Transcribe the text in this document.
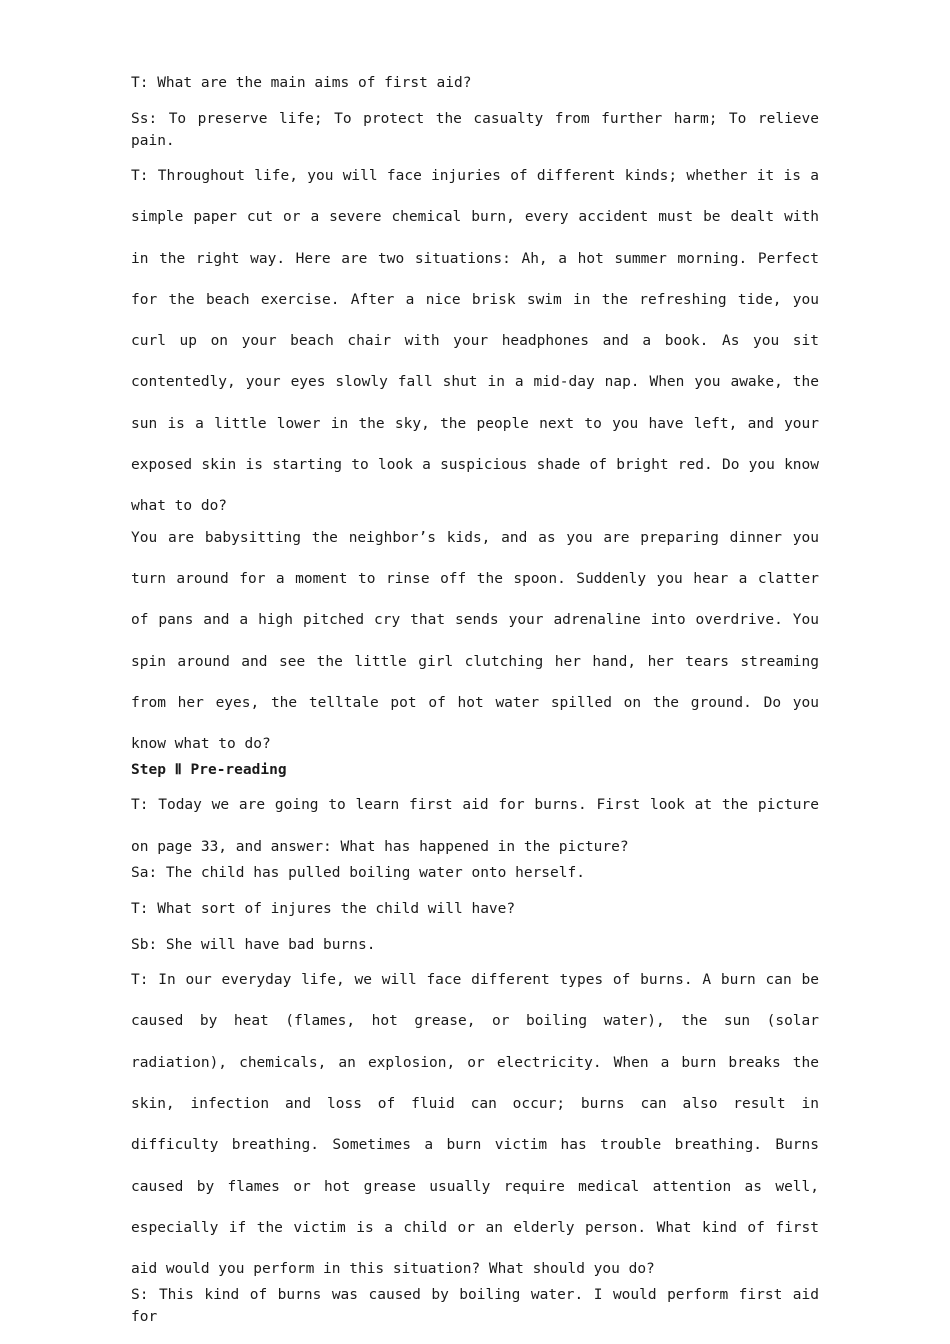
T: What are the main aims of first aid?

Ss: To preserve life; To protect the casualty from further harm; To relieve pain.

T: Throughout life, you will face injuries of different kinds; whether it is a simple paper cut or a severe chemical burn, every accident must be dealt with in the right way. Here are two situations: Ah, a hot summer morning. Perfect for the beach exercise. After a nice brisk swim in the refreshing tide, you curl up on your beach chair with your headphones and a book. As you sit contentedly, your eyes slowly fall shut in a mid-day nap. When you awake, the sun is a little lower in the sky, the people next to you have left, and your exposed skin is starting to look a suspicious shade of bright red. Do you know what to do?

You are babysitting the neighbor’s kids, and as you are preparing dinner you turn around for a moment to rinse off the spoon. Suddenly you hear a clatter of pans and a high pitched cry that sends your adrenaline into overdrive. You spin around and see the little girl clutching her hand, her tears streaming from her eyes, the telltale pot of hot water spilled on the ground. Do you know what to do?

Step Ⅱ Pre-reading

T: Today we are going to learn first aid for burns. First look at the picture on page 33, and answer: What has happened in the picture?

Sa: The child has pulled boiling water onto herself.

T: What sort of injures the child will have?

Sb: She will have bad burns.

T: In our everyday life, we will face different types of burns. A burn can be caused by heat (flames, hot grease, or boiling water), the sun (solar radiation), chemicals, an explosion, or electricity. When a burn breaks the skin, infection and loss of fluid can occur; burns can also result in difficulty breathing. Sometimes a burn victim has trouble breathing. Burns caused by flames or hot grease usually require medical attention as well, especially if the victim is a child or an elderly person. What kind of first aid would you perform in this situation? What should you do?

S: This kind of burns was caused by boiling water. I would perform first aid for
